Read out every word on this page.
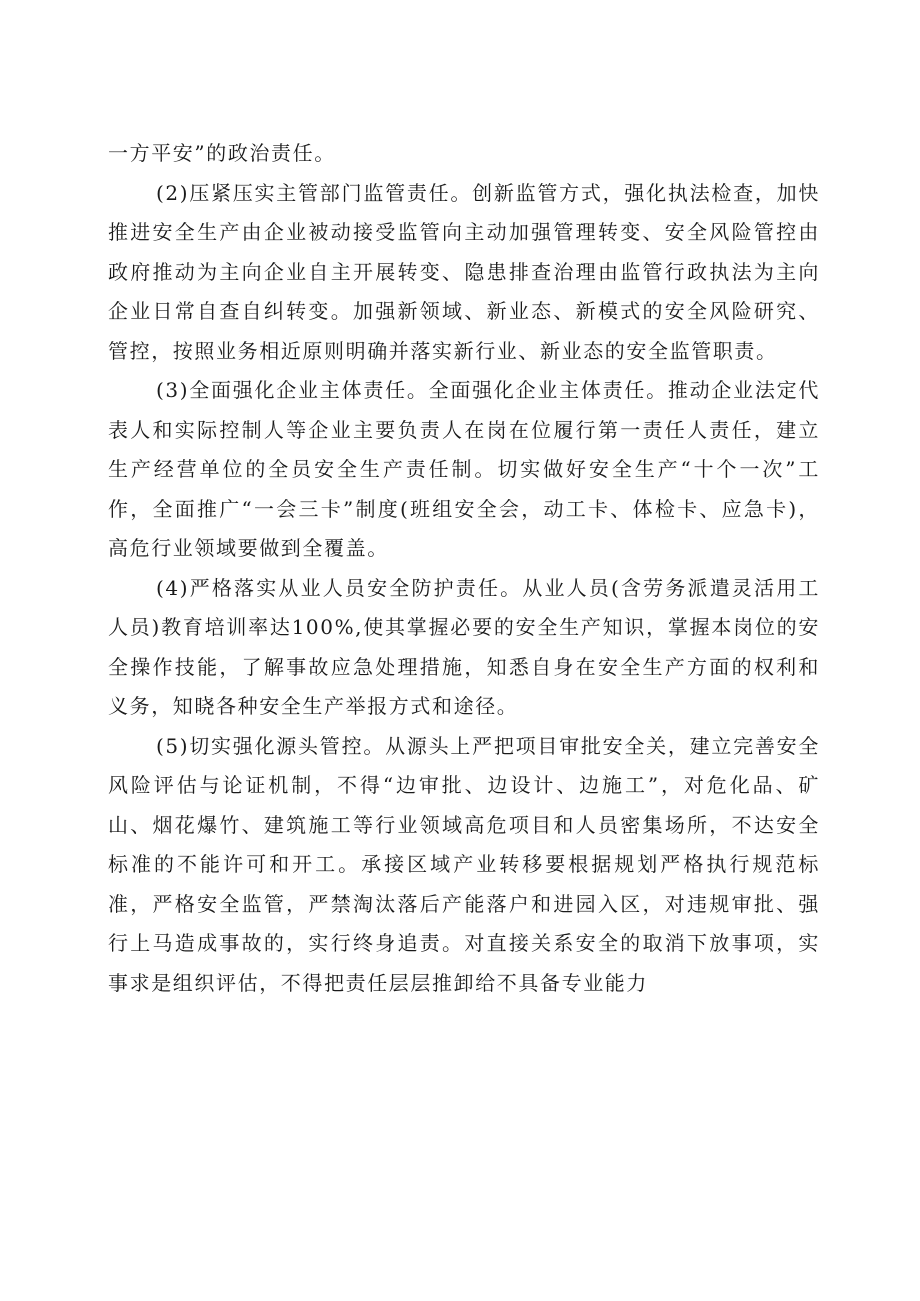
一方平安”的政治责任。

(2)压紧压实主管部门监管责任。创新监管方式，强化执法检查，加快推进安全生产由企业被动接受监管向主动加强管理转变、安全风险管控由政府推动为主向企业自主开展转变、隐患排查治理由监管行政执法为主向企业日常自查自纠转变。加强新领域、新业态、新模式的安全风险研究、管控，按照业务相近原则明确并落实新行业、新业态的安全监管职责。

(3)全面强化企业主体责任。全面强化企业主体责任。推动企业法定代表人和实际控制人等企业主要负责人在岗在位履行第一责任人责任，建立生产经营单位的全员安全生产责任制。切实做好安全生产“十个一次”工作，全面推广“一会三卡”制度(班组安全会，动工卡、体检卡、应急卡)，高危行业领域要做到全覆盖。

(4)严格落实从业人员安全防护责任。从业人员(含劳务派遣灵活用工人员)教育培训率达100%,使其掌握必要的安全生产知识，掌握本岗位的安全操作技能，了解事故应急处理措施，知悉自身在安全生产方面的权利和义务，知晓各种安全生产举报方式和途径。

(5)切实强化源头管控。从源头上严把项目审批安全关，建立完善安全风险评估与论证机制，不得“边审批、边设计、边施工”，对危化品、矿山、烟花爆竹、建筑施工等行业领域高危项目和人员密集场所，不达安全标准的不能许可和开工。承接区域产业转移要根据规划严格执行规范标准，严格安全监管，严禁淘汰落后产能落户和进园入区，对违规审批、强行上马造成事故的，实行终身追责。对直接关系安全的取消下放事项，实事求是组织评估，不得把责任层层推卸给不具备专业能力
